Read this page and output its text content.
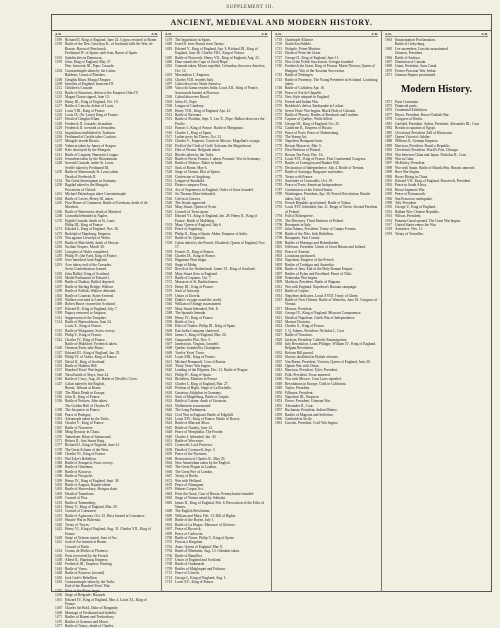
SUPPLEMENT III.
ANCIENT, MEDIEVAL AND MODERN HISTORY.
A.D.	A.D.
1189 Richard II. King of England, June 22. Cyprus restored to Rome.
1190 Battle of the Dee; Llewelyn II., of Scotland, kills Sir Wm. de Braose, Baron of Brecknock.
Ferdinand IV. of Spain; with Jean, Baron of Spain.
1193 Saladin dies in Damascus.
1199 John, King of England, May 27.
Wm. Innocent III., Pope. Crusade.
1204 Constantinople taken by the Latins.
Baldwin, Count of Flanders.
1206 Genghis Khan, Mongol Empire.
1208 Interdict of England; Innocent III.
1212 Children's Crusade.
1214 Battle of Bouvines; defeat of the Emperor Otho IV.
1215 Magna Charta signed, June 15.
1216 Henry III., King of England, Oct. 19.
1217 Battle of Lincoln; defeat of Louis.
1223 Louis VIII., King of France.
1226 Louis IX. (St. Louis) King of France.
1227 Death of Genghis Khan.
1228 Frederick II. Crusade; Jerusalem.
1229 Frederick II. crowned at Jerusalem.
1234 Inquisition established in Toulouse.
1236 Ferdinand of Castile takes Cordova.
1237 Mongols invade Russia.
1238 Valencia taken by James of Aragon.
1240 Kiev destroyed by the Mongols.
1241 Battle of Liegnitz; Hanseatic League.
1244 Jerusalem taken by the Kharismians.
1248 Seventh Crusade, under St. Louis.
Seville taken by Ferdinand III.
1250 Battle of Mansourah; St. Louis taken.
Death of Frederick II.
1254 The Great Interregnum in Germany.
1258 Bagdad taken by the Mongols.
Provisions of Oxford.
1261 Michael Palaeologus takes Constantinople.
1264 Battle of Lewes; Henry III. taken.
1265 First House of Commons. Battle of Evesham; death of de Montfort.
1266 Battle of Benevento; death of Manfred.
1268 Conradin beheaded at Naples.
1270 Eighth Crusade; death of St. Louis.
Philip III., King of France.
1272 Edward I., King of England, Nov. 20.
1273 Rudolph of Hapsburg, Emperor.
1276 War against Llewelyn of Wales.
1278 Battle of Marchfeld; death of Ottocar.
1282 Sicilian Vespers, March 30.
1283 Conquest of Wales completed.
1285 Philip IV. (the Fair), King of France.
1290 Jews banished from England.
1291 Acre taken; end of the Crusades.
Swiss Confederation formed.
1292 John Balliol, King of Scotland.
1295 Model Parliament of Edward I.
1296 Battle of Dunbar; Balliol deposed.
1297 Battle of Stirling Bridge; Wallace.
1298 Battle of Falkirk; Wallace defeated.
1302 Battle of Courtrai; States-General.
1305 Wallace executed at London.
1306 Robert Bruce crowned in Scotland.
1307 Edward II., King of England, July 7.
1309 Papacy removed to Avignon.
1312 Suppression of the Templars.
1314 Battle of Bannockburn, June 24.
Louis X., King of France.
1315 Battle of Morgarten; Swiss victory.
1316 Philip V., King of France.
1322 Charles IV., King of France.
Battle of Muhldorf; Frederick taken.
1326 Ottoman Turks take Brusa.
1327 Edward III., King of England, Jan. 25.
1328 Philip VI. of Valois, King of France.
1329 David II., King of Scotland.
1333 Battle of Halidon Hill.
1337 Hundred Years' War begins.
1340 Naval battle of Sluys, June 24.
1346 Battle of Crecy, Aug. 26. Battle of Neville's Cross.
1347 Calais taken by the English.
Rienzi, Tribune at Rome.
1348 The Black Death in Europe.
1350 John II., King of France.
1356 Battle of Poitiers; John taken.
The Golden Bull of Charles IV.
1358 The Jacquerie in France.
1360 Peace of Bretigny.
1361 Adrianople taken by the Turks.
1364 Charles V., King of France.
1367 Battle of Navarrete.
1368 Ming Dynasty in China.
1370 Tamerlane, Khan of Samarcand.
1371 Robert II., first Stuart King.
1377 Richard II., King of England, June 21.
1378 The Great Schism of the West.
1380 Charles VI., King of France.
1381 Wat Tyler's Rebellion.
1386 Battle of Sempach; Swiss victory.
1388 Battle of Otterburn.
1389 Battle of Kossovo.
1396 Battle of Nicopolis.
1399 Henry IV., King of England, Sept. 30.
1402 Battle of Angora; Bajazet taken.
1403 Battle of Shrewsbury; Hotspur slain.
1405 Death of Tamerlane.
1409 Council of Pisa.
1410 Battle of Tannenberg.
1413 Henry V., King of England, Mar. 20.
1414 Council of Constance.
1415 Battle of Agincourt, Oct. 25. Huss burned at Constance.
1419 Hussite War in Bohemia.
1420 Treaty of Troyes.
1422 Henry VI., King of England, Aug. 31. Charles VII., King of France.
1429 Siege of Orleans raised; Joan of Arc.
1431 Joan of Arc burned at Rouen.
Council of Basle.
1434 Cosmo de Medici at Florence.
1436 Paris recovered by the French.
1438 Albert II., Hapsburg Emperor.
1440 Frederick III., Emperor. Printing.
1444 Battle of Varna.
1448 Battle of Kossovo (second).
1450 Jack Cade's Rebellion.
1453 Constantinople taken by the Turks.
End of the Hundred Years' War.
1455 Wars of the Roses begin.
1456 Siege of Belgrade; Hunyadi.
1461 Edward IV., King of England, Mar. 4. Louis XI., King of France.
1467 Charles the Bold, Duke of Burgundy.
1469 Marriage of Ferdinand and Isabella.
1471 Battles of Barnet and Tewkesbury.
1476 Battles of Granson and Morat.
1477 Battle of Nancy; death of Charles.
A.D.	A.D.
1478 The Inquisition in Spain.
1480 Ivan III. frees Russia from Tartars.
1483 Edward V., King of England, Apr. 9. Richard III., King of England, June 26. Charles VIII., King of France.
1485 Battle of Bosworth. Henry VII., King of England, Aug. 22.
1486 Diaz rounds the Cape of Good Hope.
1492 Granada taken; Moors expelled. Columbus discovers America, Oct. 12.
1493 Maximilian I., Emperor.
1494 Charles VIII. invades Italy.
1497 Cabot discovers North America.
1498 Vasco da Gama reaches India. Louis XII., King of France. Savonarola burned at Florence.
1500 Cabral discovers Brazil.
1503 Julius II., Pope.
1508 League of Cambray.
1509 Henry VIII., King of England, Apr. 22.
1512 Battle of Ravenna.
1513 Battle of Flodden, Sept. 9. Leo X., Pope. Balboa discovers the Pacific.
1515 Francis I., King of France. Battle of Marignano.
1516 Charles I., King of Spain.
1517 Luther posts his Theses, Oct. 31.
1519 Charles V., Emperor. Cortez in Mexico. Magellan's voyage.
1520 Field of the Cloth of Gold. Solyman the Magnificent.
1521 Diet of Worms. Belgrade taken.
1522 Rhodes taken by the Turks.
1525 Battle of Pavia; Francis I. taken. Peasants' War in Germany.
1526 Battle of Mohacs. Baber in India.
1527 Sack of Rome, May 6.
1529 Siege of Vienna. Diet of Spires.
1530 Confession of Augsburg.
1531 League of Smalkald.
1532 Pizarro conquers Peru.
1534 Act of Supremacy in England. Order of Jesus founded.
1535 Sir Thomas More beheaded.
1536 Calvin at Geneva.
1540 The Jesuits approved.
1542 Mary Stuart, Queen of Scots.
1545 Council of Trent opens.
1547 Edward VI., King of England, Jan. 28. Henry II., King of France. Battle of Muhlberg.
1553 Mary, Queen of England, July 6.
1555 Peace of Augsburg.
1556 Philip II., King of Spain. Akbar, Emperor of India.
1557 Battle of St. Quentin.
1558 Calais taken by the French. Elizabeth, Queen of England, Nov. 17.
1559 Francis II., King of France.
1560 Charles IX., King of France.
1562 Huguenot Wars begin.
1565 Siege of Malta.
1567 Revolt of the Netherlands. James VI., King of Scotland.
1568 Mary Stuart flees to England.
1571 Battle of Lepanto, Oct. 7.
1572 Massacre of St. Bartholomew.
1574 Henry III., King of France.
1576 Sack of Antwerp.
1579 Union of Utrecht.
1580 Drake's voyage round the world.
1584 William of Orange assassinated.
1587 Mary Stuart beheaded, Feb. 8.
1588 The Spanish Armada.
1589 Henry IV., King of France.
1590 Battle of Ivry.
1598 Edict of Nantes. Philip III., King of Spain.
1600 East India Company chartered.
1603 James I., King of England, Mar. 24.
1605 Gunpowder Plot, Nov. 5.
1607 Jamestown, Virginia, founded.
1608 Quebec founded by Champlain.
1609 Twelve Years' Truce.
1610 Louis XIII., King of France.
1613 Michael Romanoff, Czar of Russia.
1618 Thirty Years' War begins.
1620 Landing of the Pilgrims, Dec. 21. Battle of Prague.
1621 Philip IV., King of Spain.
1624 Richelieu, Minister in France.
1625 Charles I., King of England, Mar. 27.
1628 Petition of Right. Siege of La Rochelle.
1630 Gustavus Adolphus in Germany.
1631 Sack of Magdeburg. Battle of Leipsic.
1632 Battle of Lutzen; death of Gustavus.
1634 Wallenstein assassinated.
1640 The Long Parliament.
1642 Civil War in England. Battle of Edgehill.
1643 Louis XIV., King of France. Battle of Rocroi.
1644 Battle of Marston Moor.
1645 Battle of Naseby, June 14.
1648 Peace of Westphalia. The Fronde.
1649 Charles I. beheaded, Jan. 30.
1651 Battle of Worcester.
1653 Cromwell, Lord Protector.
1658 Death of Cromwell, Sept. 3.
1659 Peace of the Pyrenees.
1660 Restoration of Charles II., May 29.
1664 New Amsterdam taken by the English.
1665 The Great Plague in London.
1666 The Great Fire of London.
1667 Treaty of Breda.
1672 War with Holland.
1678 Peace of Nimeguen.
1679 Habeas Corpus Act.
1682 Peter the Great, Czar of Russia. Pennsylvania founded.
1683 Siege of Vienna raised by Sobieski.
1685 James II., King of England, Feb. 6. Revocation of the Edict of Nantes.
1688 The English Revolution.
1689 William and Mary, Feb. 13. Bill of Rights.
1690 Battle of the Boyne, July 1.
1692 Battle of La Hogue. Massacre of Glencoe.
1697 Peace of Ryswick.
1699 Peace of Carlowitz.
1700 Battle of Narva. Philip V., King of Spain.
1701 Prussia a Kingdom.
1702 Anne, Queen of England, Mar. 8.
1704 Battle of Blenheim, Aug. 13. Gibraltar taken.
1706 Battle of Ramillies.
1707 Union of England and Scotland.
1708 Battle of Oudenarde.
1709 Battles of Malplaquet and Pultowa.
1713 Peace of Utrecht.
1714 George I., King of England, Aug. 1.
1715 Louis XV., King of France.
A.D.	A.D.
1718 Quadruple Alliance.
1720 South Sea Bubble.
1721 Walpole, Prime Minister.
1725 Death of Peter the Great.
1727 George II., King of England, June 11.
1733 War of the Polish Succession. Georgia founded.
1740 Frederick the Great, King of Prussia. Maria Theresa, Queen of Hungary. War of the Austrian Succession.
1743 Battle of Dettingen.
1745 Battle of Fontenoy. The Young Pretender in Scotland. Louisburg taken.
1746 Battle of Culloden, Apr. 16.
1748 Peace of Aix-la-Chapelle.
1752 New Style adopted in England.
1754 French and Indian War.
1755 Braddock's defeat. Earthquake at Lisbon.
1756 Seven Years' War begins. Black Hole of Calcutta.
1757 Battle of Plassey. Battles of Rossbach and Leuthen.
1759 Capture of Quebec; Wolfe killed.
1760 George III., King of England, Oct. 25.
1762 Catherine II., Empress of Russia.
1763 Peace of Paris. Peace of Hubertsburg.
1765 The Stamp Act.
1769 Napoleon Bonaparte born.
1770 Boston Massacre, Mar. 5.
1772 First Partition of Poland.
1773 Boston Tea Party, Dec. 16.
1774 Louis XVI., King of France. First Continental Congress.
1775 Battles of Lexington and Bunker Hill.
1776 Declaration of Independence, July 4. Battle of Trenton.
1777 Battle of Saratoga; Burgoyne surrenders.
1778 Treaty with France.
1781 Surrender of Cornwallis, Oct. 19.
1783 Peace of Paris; American Independence.
1787 Constitution of the United States.
1789 Washington, President, Apr. 30. French Revolution; Bastile taken, July 14.
1792 French Republic proclaimed. Battle of Valmy.
1793 Louis XVI. beheaded, Jan. 21. Reign of Terror. Second Partition of Poland.
1794 Fall of Robespierre.
1795 The Directory. Third Partition of Poland.
1796 Bonaparte in Italy.
1797 John Adams, President. Treaty of Campo Formio.
1798 Battle of the Nile. Irish Rebellion.
1799 Bonaparte, First Consul.
1800 Battles of Marengo and Hohenlinden.
1801 Jefferson, President. Union of Great Britain and Ireland.
1802 Peace of Amiens.
1803 Louisiana purchased.
1804 Napoleon, Emperor of the French.
1805 Battles of Trafalgar and Austerlitz.
1806 Battle of Jena. End of the Holy Roman Empire.
1807 Battles of Eylau and Friedland. Peace of Tilsit.
1808 Peninsular War begins.
1809 Madison, President. Battle of Wagram.
1812 War with England. Napoleon's Russian campaign.
1813 Battle of Leipsic.
1814 Napoleon abdicates. Louis XVIII. Treaty of Ghent.
1815 Battle of New Orleans. Battle of Waterloo, June 18. Congress of Vienna.
1817 Monroe, President.
1820 George IV., King of England. Missouri Compromise.
1821 Death of Napoleon. Greek War of Independence.
1823 Monroe Doctrine.
1824 Charles X., King of France.
1825 J. Q. Adams, President. Nicholas I., Czar.
1827 Battle of Navarino.
1829 Jackson, President. Catholic Emancipation.
1830 July Revolution; Louis Philippe. William IV., King of England. Belgian Revolution.
1832 Reform Bill passed.
1833 Slavery abolished in British colonies.
1837 Van Buren, President. Victoria, Queen of England, June 20.
1840 Opium War with China.
1841 Harrison, President. Tyler, President.
1845 Polk, President. Texas annexed.
1846 War with Mexico. Corn Laws repealed.
1848 Revolutions in Europe. Gold in California.
1849 Taylor, President.
1850 Fillmore, President.
1852 Napoleon III., Emperor.
1853 Pierce, President. Crimean War.
1855 Alexander II., Czar.
1857 Buchanan, President. Indian Mutiny.
1859 Battles of Magenta and Solferino.
1860 Garibaldi in Sicily.
1861 Lincoln, President. Civil War begins.
A.D.	A.D.
1863 Emancipation Proclamation.
Battle of Gettysburg.
1865 Lee surrenders; Lincoln assassinated.
Johnson, President.
1866 Battle of Sadowa.
1867 Dominion of Canada.
1869 Grant, President. Suez Canal.
1870 Franco-Prussian War. Sedan.
1871 German Empire proclaimed.
Modern History.
1871 Paris Commune.
1873 Financial panic.
1876 Centennial Exhibition.
1877 Hayes, President. Russo-Turkish War.
1878 Congress of Berlin.
1881 Garfield, President. Arthur, President. Alexander III., Czar.
1882 British occupation of Egypt.
1885 Cleveland, President. Fall of Khartoum.
1887 Queen Victoria's Jubilee.
1888 William II., German Emperor.
1889 Harrison, President. Brazil a Republic.
1893 Cleveland, President. World's Fair, Chicago.
1894 War between China and Japan. Nicholas II., Czar.
1896 War in Cuba.
1897 McKinley, President.
1898 War with Spain. Battle of Manila Bay. Hawaii annexed.
1899 Boer War begins.
1900 Boxer Rising in China.
1901 Edward VII., King of England. Roosevelt, President.
1902 Peace in South Africa.
1904 Russo-Japanese War.
1905 Peace of Portsmouth.
1906 San Francisco earthquake.
1909 Taft, President.
1910 George V., King of England.
1912 Balkan War. Chinese Republic.
1913 Wilson, President.
1914 Panama Canal opened. The Great War begins.
1917 United States enters the War.
1918 Armistice, Nov. 11.
1919 Treaty of Versailles.
